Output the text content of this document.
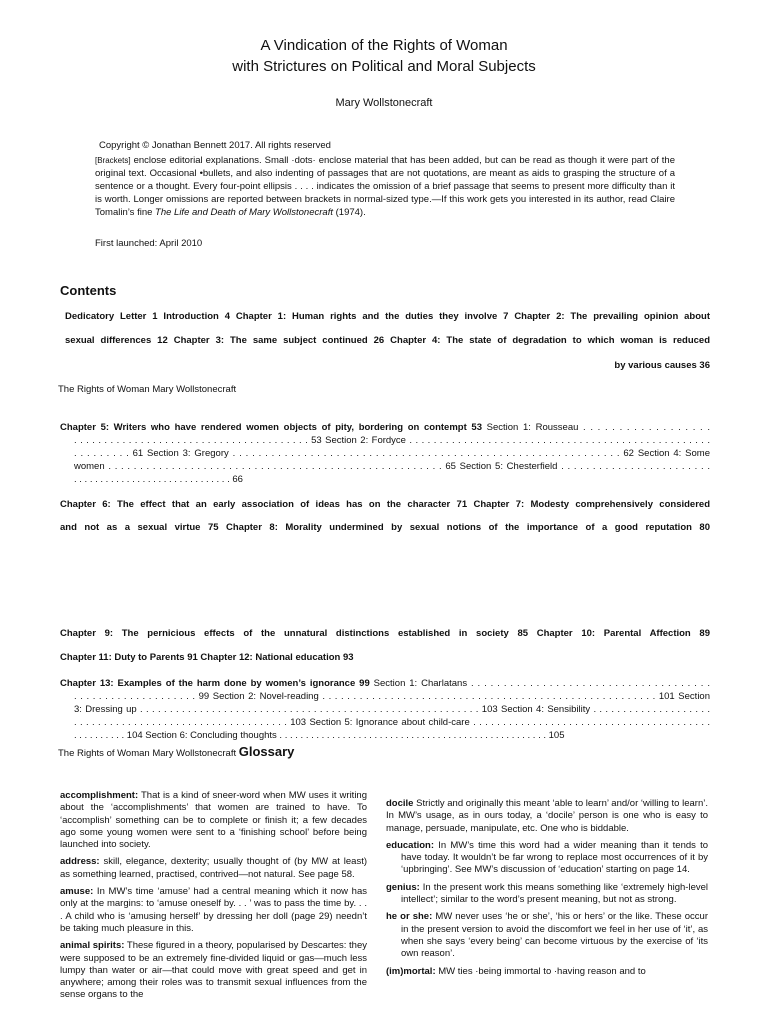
A Vindication of the Rights of Woman
with Strictures on Political and Moral Subjects
Mary Wollstonecraft
Copyright © Jonathan Bennett 2017. All rights reserved
[Brackets] enclose editorial explanations. Small ·dots· enclose material that has been added, but can be read as though it were part of the original text. Occasional •bullets, and also indenting of passages that are not quotations, are meant as aids to grasping the structure of a sentence or a thought. Every four-point ellipsis . . . . indicates the omission of a brief passage that seems to present more difficulty than it is worth. Longer omissions are reported between brackets in normal-sized type.—If this work gets you interested in its author, read Claire Tomalin’s fine The Life and Death of Mary Wollstonecraft (1974).
First launched: April 2010
Contents
Dedicatory Letter 1 Introduction 4 Chapter 1: Human rights and the duties they involve 7 Chapter 2: The prevailing opinion about
sexual differences 12 Chapter 3: The same subject continued 26 Chapter 4: The state of degradation to which woman is reduced
by various causes 36
The Rights of Woman Mary Wollstonecraft
Chapter 5: Writers who have rendered women objects of pity, bordering on contempt 53 Section 1: Rousseau . . . . . . . . . . . . . . . . . .
. . . . . . . . . . . . . . . . . . . . . . . . . . . . . . . . . . . . . . . 53 Section 2: Fordyce . . . . . . . . . . . . . . . . . . . . . . . . . . . . . . . . . . . . . . . . . . . . . . . . . .
. . . . . . . . . 61 Section 3: Gregory . . . . . . . . . . . . . . . . . . . . . . . . . . . . . . . . . . . . . . . . . . . . . . . . . . . . . . . . . . . . 62 Section 4: Some
women . . . . . . . . . . . . . . . . . . . . . . . . . . . . . . . . . . . . . . . . . . . . . . . . . . . . . 65 Section 5: Chesterfield . . . . . . . . . . . . . . . . . . . . . . . .
. . . . . . . . . . . . . . . . . . . . . . . . . . . . . . 66
Chapter 6: The effect that an early association of ideas has on the character 71 Chapter 7: Modesty comprehensively considered
and not as a sexual virtue 75 Chapter 8: Morality undermined by sexual notions of the importance of a good reputation 80
Chapter 9: The pernicious effects of the unnatural distinctions established in society 85 Chapter 10: Parental Affection 89
Chapter 11: Duty to Parents 91 Chapter 12: National education 93
Chapter 13: Examples of the harm done by women’s ignorance 99 Section 1: Charlatans . . . . . . . . . . . . . . . . . . . . . . . . . . . . . . . . . . . . .
. . . . . . . . . . . . . . . . . . . . 99 Section 2: Novel-reading . . . . . . . . . . . . . . . . . . . . . . . . . . . . . . . . . . . . . . . . . . . . . . . . . . . . . . 101 Section
3: Dressing up . . . . . . . . . . . . . . . . . . . . . . . . . . . . . . . . . . . . . . . . . . . . . . . . . . . . . . . . . 103 Section 4: Sensibility . . . . . . . . . . . . . . . . . . . .
. . . . . . . . . . . . . . . . . . . . . . . . . . . . . . . . . . . . 103 Section 5: Ignorance about child-care . . . . . . . . . . . . . . . . . . . . . . . . . . . . . . . . . . . . . . . .
. . . . . . . . . . 104 Section 6: Concluding thoughts . . . . . . . . . . . . . . . . . . . . . . . . . . . . . . . . . . . . . . . . . . . . . . . . . . . 105
The Rights of Woman Mary Wollstonecraft Glossary

accomplishment: That is a kind of sneer-word when MW uses it writing about the ‘accomplishments’ that women are trained to have. To ‘accomplish’ something can be to complete or finish it; a few decades ago some young women were sent to a ‘finishing school’ before being launched into society.

address: skill, elegance, dexterity; usually thought of (by MW at least) as something learned, practised, contrived—not natural. See page 58.

amuse: In MW’s time ‘amuse’ had a central meaning which it now has only at the margins: to ‘amuse oneself by. . . ’ was to pass the time by. . . . A child who is ‘amusing herself’ by dressing her doll (page 29) needn’t be taking much pleasure in this.

animal spirits: These figured in a theory, popularised by Descartes: they were supposed to be an extremely fine-divided liquid or gas—much less lumpy than water or air—that could move with great speed and get in anywhere; among their roles was to transmit sexual influences from the sense organs to the

docile Strictly and originally this meant ‘able to learn’ and/or ‘willing to learn’. In MW’s usage, as in ours today, a ‘docile’ person is one who is easy to manage, persuade, manipulate, etc. One who is biddable.

education: In MW’s time this word had a wider meaning than it tends to have today. It wouldn’t be far wrong to replace most occurrences of it by ‘upbringing’. See MW’s discussion of ‘education’ starting on page 14.

genius: In the present work this means something like ‘extremely high-level intellect’; similar to the word’s present meaning, but not as strong.

he or she: MW never uses ‘he or she’, ‘his or hers’ or the like. These occur in the present version to avoid the discomfort we feel in her use of ‘it’, as when she says ‘every being’ can become virtuous by the exercise of ‘its own reason’.

(im)mortal: MW ties ·being immortal to ·having reason and to
